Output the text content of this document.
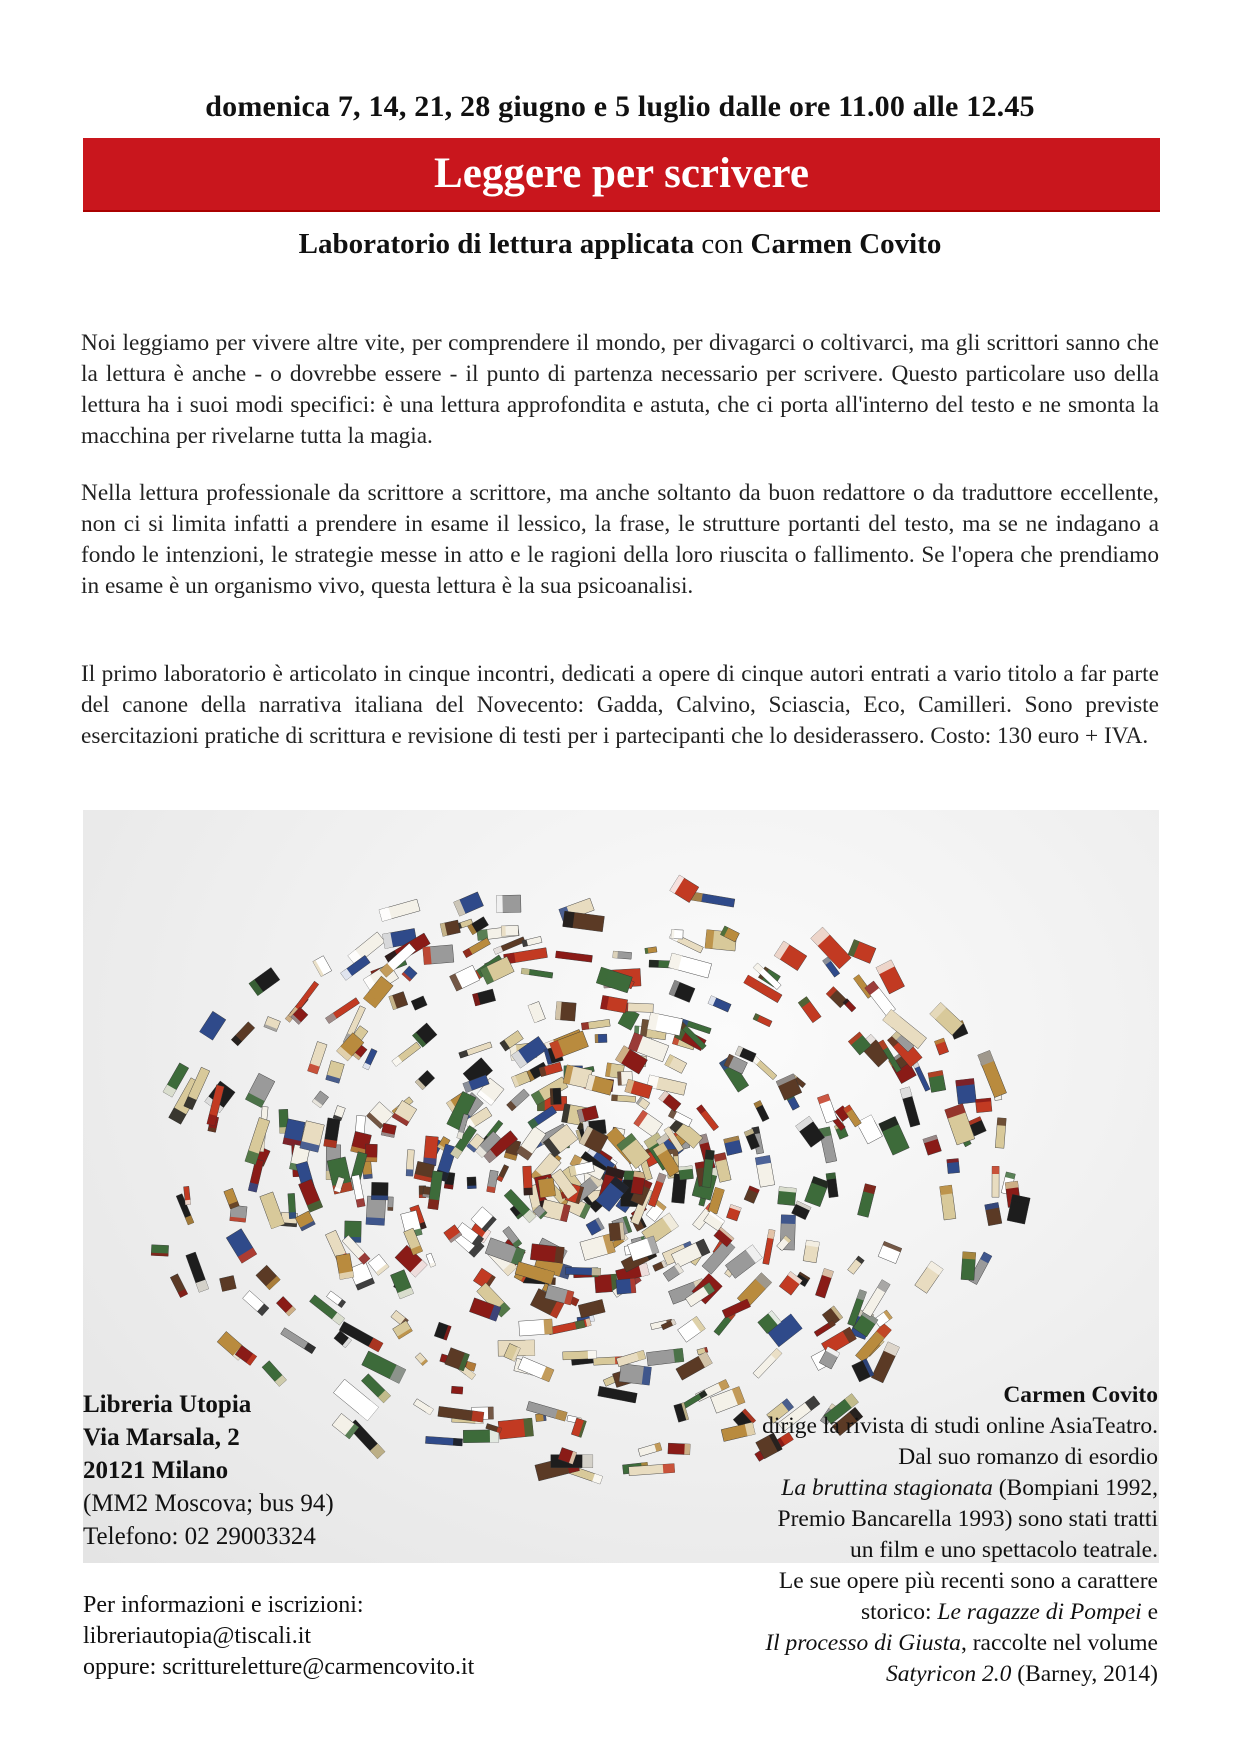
domenica 7, 14, 21, 28 giugno e 5 luglio dalle ore 11.00 alle 12.45
Leggere per scrivere
Laboratorio di lettura applicata con Carmen Covito

Noi leggiamo per vivere altre vite, per comprendere il mondo, per divagarci o coltivarci, ma gli scrittori sanno che la lettura è anche - o dovrebbe essere - il punto di partenza necessario per scrivere. Questo particolare uso della lettura ha i suoi modi specifici: è una lettura approfondita e astuta, che ci porta all'interno del testo e ne smonta la macchina per rivelarne tutta la magia.

Nella lettura professionale da scrittore a scrittore, ma anche soltanto da buon redattore o da traduttore eccellente, non ci si limita infatti a prendere in esame il lessico, la frase, le strutture portanti del testo, ma se ne indagano a fondo le intenzioni, le strategie messe in atto e le ragioni della loro riuscita o fallimento. Se l'opera che prendiamo in esame è un organismo vivo, questa lettura è la sua psicoanalisi.

Il primo laboratorio è articolato in cinque incontri, dedicati a opere di cinque autori entrati a vario titolo a far parte del canone della narrativa italiana del Novecento: Gadda, Calvino, Sciascia, Eco, Camilleri. Sono previste esercitazioni pratiche di scrittura e revisione di testi per i partecipanti che lo desiderassero. Costo: 130 euro + IVA.

Libreria Utopia
Via Marsala, 2
20121 Milano
(MM2 Moscova; bus 94)
Telefono: 02 29003324
Per informazioni e iscrizioni:
libreriautopia@tiscali.it
oppure: scrittureletture@carmencovito.it
Carmen Covito
dirige la rivista di studi online AsiaTeatro.
Dal suo romanzo di esordio
La bruttina stagionata (Bompiani 1992,
Premio Bancarella 1993) sono stati tratti
un film e uno spettacolo teatrale.
Le sue opere più recenti sono a carattere
storico: Le ragazze di Pompei e
Il processo di Giusta, raccolte nel volume
Satyricon 2.0 (Barney, 2014)
